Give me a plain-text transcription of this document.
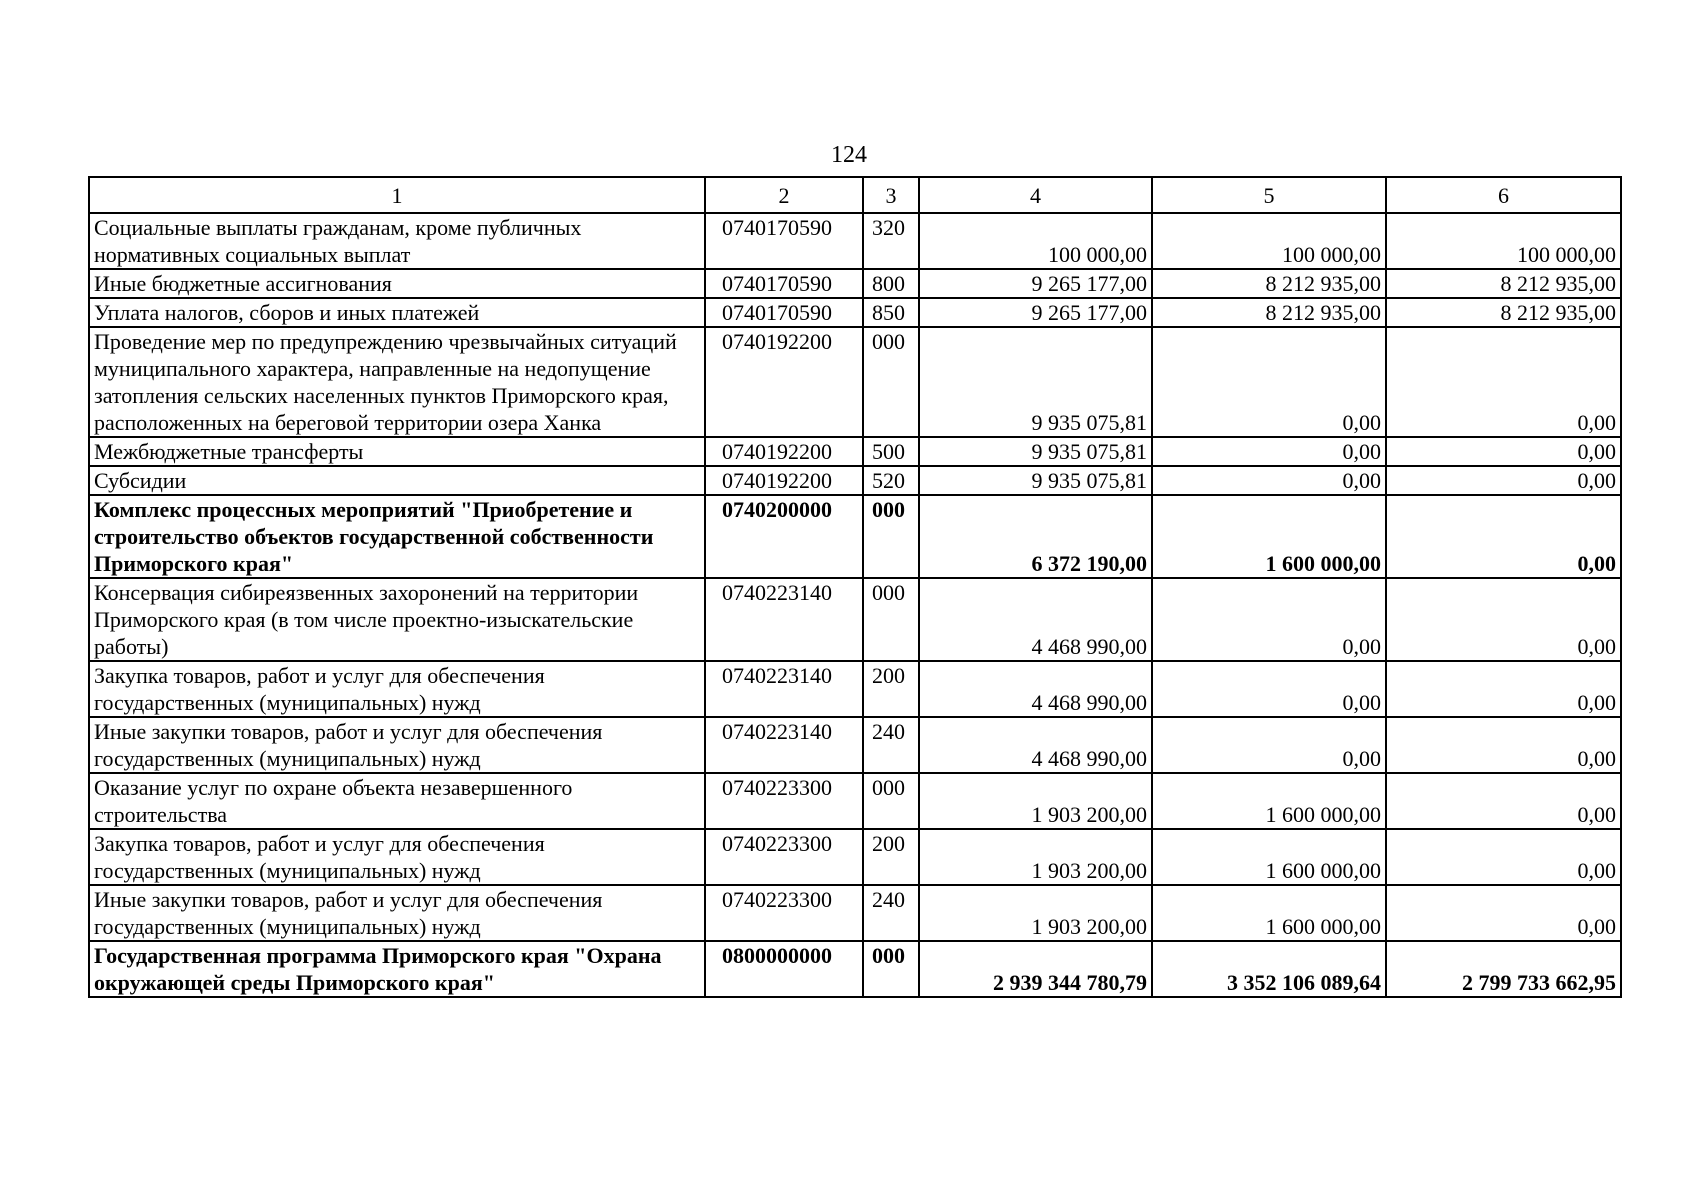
124
1	2	3	4	5	6
Социальные выплаты гражданам, кроме публичных нормативных социальных выплат	0740170590	320	100 000,00	100 000,00	100 000,00
Иные бюджетные ассигнования	0740170590	800	9 265 177,00	8 212 935,00	8 212 935,00
Уплата налогов, сборов и иных платежей	0740170590	850	9 265 177,00	8 212 935,00	8 212 935,00
Проведение мер по предупреждению чрезвычайных ситуаций муниципального характера, направленные на недопущение затопления сельских населенных пунктов Приморского края, расположенных на береговой территории озера Ханка	0740192200	000	9 935 075,81	0,00	0,00
Межбюджетные трансферты	0740192200	500	9 935 075,81	0,00	0,00
Субсидии	0740192200	520	9 935 075,81	0,00	0,00
Комплекс процессных мероприятий "Приобретение и строительство объектов государственной собственности Приморского края"	0740200000	000	6 372 190,00	1 600 000,00	0,00
Консервация сибиреязвенных захоронений на территории Приморского края (в том числе проектно-изыскательские работы)	0740223140	000	4 468 990,00	0,00	0,00
Закупка товаров, работ и услуг для обеспечения государственных (муниципальных) нужд	0740223140	200	4 468 990,00	0,00	0,00
Иные закупки товаров, работ и услуг для обеспечения государственных (муниципальных) нужд	0740223140	240	4 468 990,00	0,00	0,00
Оказание услуг по охране объекта незавершенного строительства	0740223300	000	1 903 200,00	1 600 000,00	0,00
Закупка товаров, работ и услуг для обеспечения государственных (муниципальных) нужд	0740223300	200	1 903 200,00	1 600 000,00	0,00
Иные закупки товаров, работ и услуг для обеспечения государственных (муниципальных) нужд	0740223300	240	1 903 200,00	1 600 000,00	0,00
Государственная программа Приморского края "Охрана окружающей среды Приморского края"	0800000000	000	2 939 344 780,79	3 352 106 089,64	2 799 733 662,95
